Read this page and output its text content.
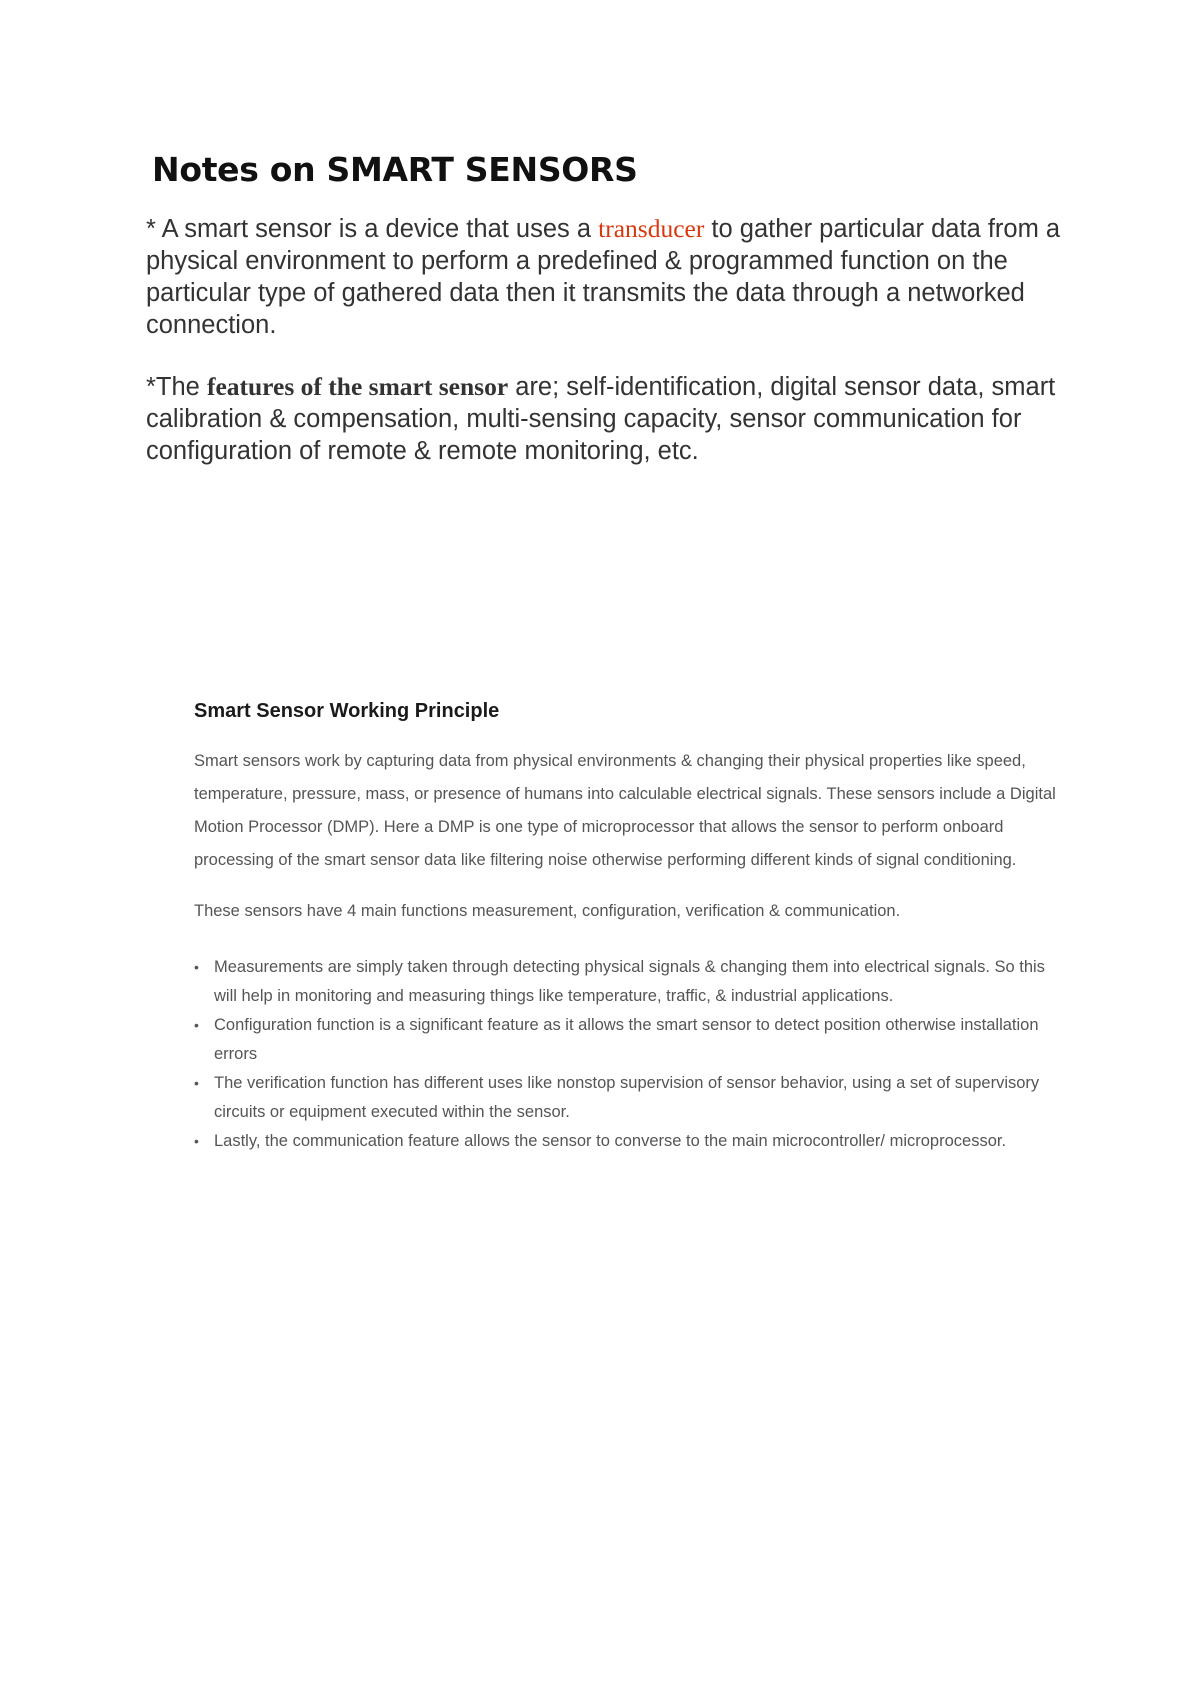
Notes on SMART SENSORS

* A smart sensor is a device that uses a transducer to gather particular data from a physical environment to perform a predefined & programmed function on the particular type of gathered data then it transmits the data through a networked connection.

*The features of the smart sensor are; self-identification, digital sensor data, smart calibration & compensation, multi-sensing capacity, sensor communication for configuration of remote & remote monitoring, etc.

Smart Sensor Working Principle

Smart sensors work by capturing data from physical environments & changing their physical properties like speed, temperature, pressure, mass, or presence of humans into calculable electrical signals. These sensors include a Digital Motion Processor (DMP). Here a DMP is one type of microprocessor that allows the sensor to perform onboard processing of the smart sensor data like filtering noise otherwise performing different kinds of signal conditioning.

These sensors have 4 main functions measurement, configuration, verification & communication.

• Measurements are simply taken through detecting physical signals & changing them into electrical signals. So this will help in monitoring and measuring things like temperature, traffic, & industrial applications.
• Configuration function is a significant feature as it allows the smart sensor to detect position otherwise installation errors
• The verification function has different uses like nonstop supervision of sensor behavior, using a set of supervisory circuits or equipment executed within the sensor.
• Lastly, the communication feature allows the sensor to converse to the main microcontroller/ microprocessor.
